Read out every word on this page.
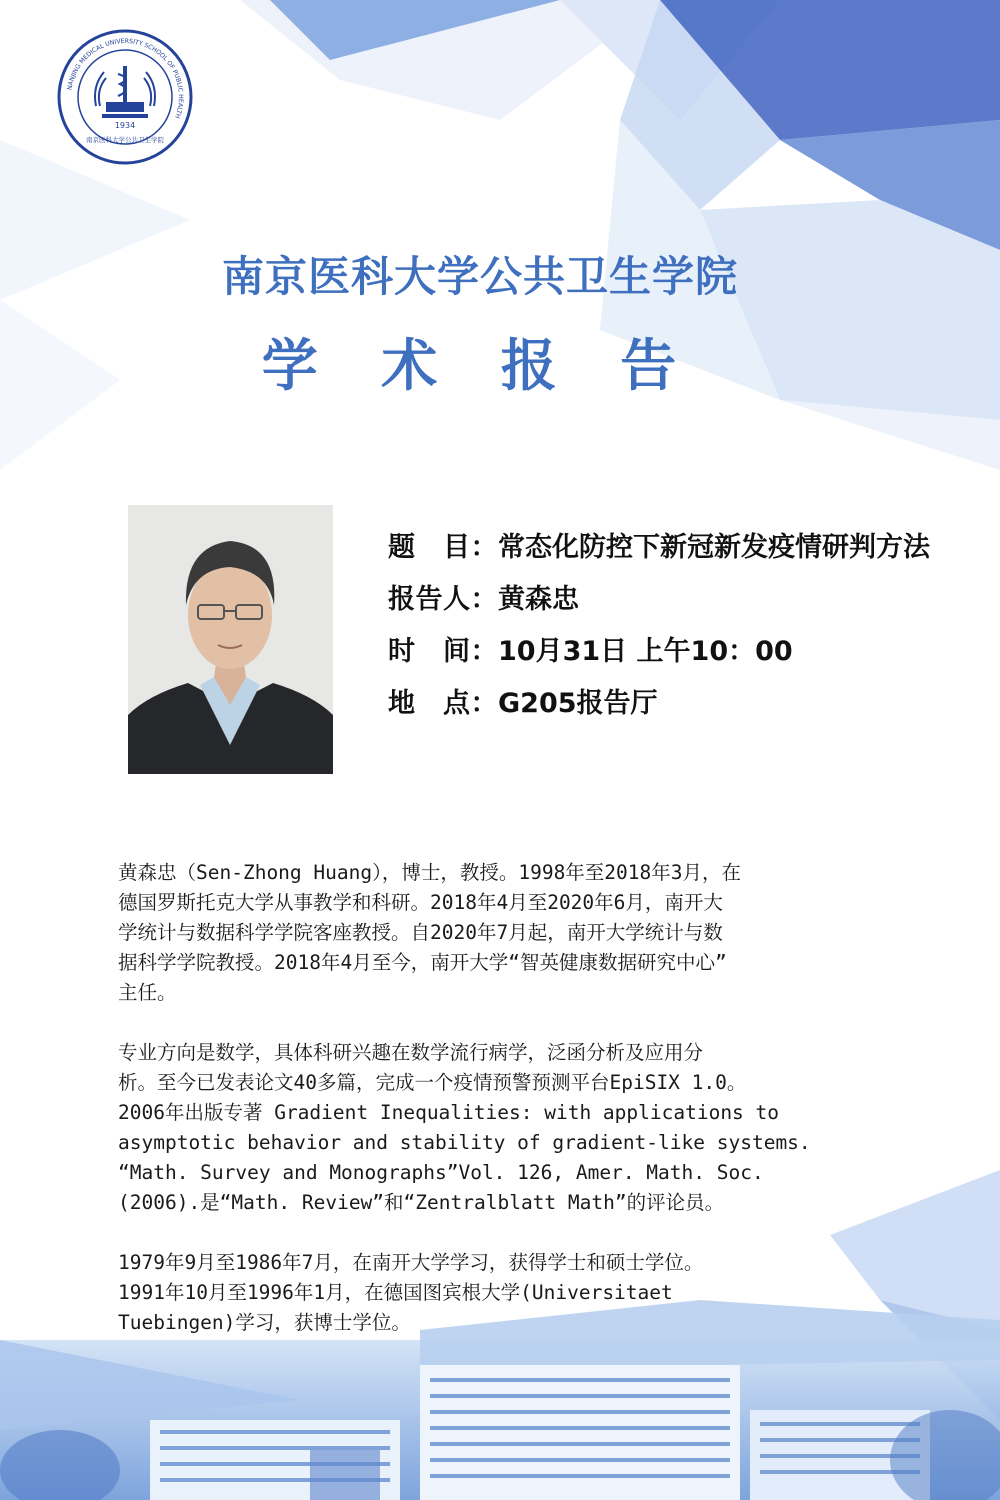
NANJING MEDICAL UNIVERSITY SCHOOL OF PUBLIC HEALTH
1934
南京医科大学公共卫生学院
南京医科大学公共卫生学院
学 术 报 告
题　目 ： 常态化防控下新冠新发疫情研判方法
报告人 ： 黄森忠
时　间 ： 10月31日 上午10：00
地　点 ： G205报告厅

黄森忠（Sen-Zhong Huang），博士，教授。1998年至2018年3月，在
德国罗斯托克大学从事教学和科研。2018年4月至2020年6月，南开大
学统计与数据科学学院客座教授。自2020年7月起，南开大学统计与数
据科学学院教授。2018年4月至今，南开大学“智英健康数据研究中心”
主任。

专业方向是数学，具体科研兴趣在数学流行病学，泛函分析及应用分
析。至今已发表论文40多篇，完成一个疫情预警预测平台EpiSIX 1.0。
2006年出版专著 Gradient Inequalities: with applications to
asymptotic behavior and stability of gradient-like systems.
“Math. Survey and Monographs”Vol. 126, Amer. Math. Soc.
(2006).是“Math. Review”和“Zentralblatt Math”的评论员。

1979年9月至1986年7月，在南开大学学习，获得学士和硕士学位。
1991年10月至1996年1月，在德国图宾根大学(Universitaet
Tuebingen)学习，获博士学位。
